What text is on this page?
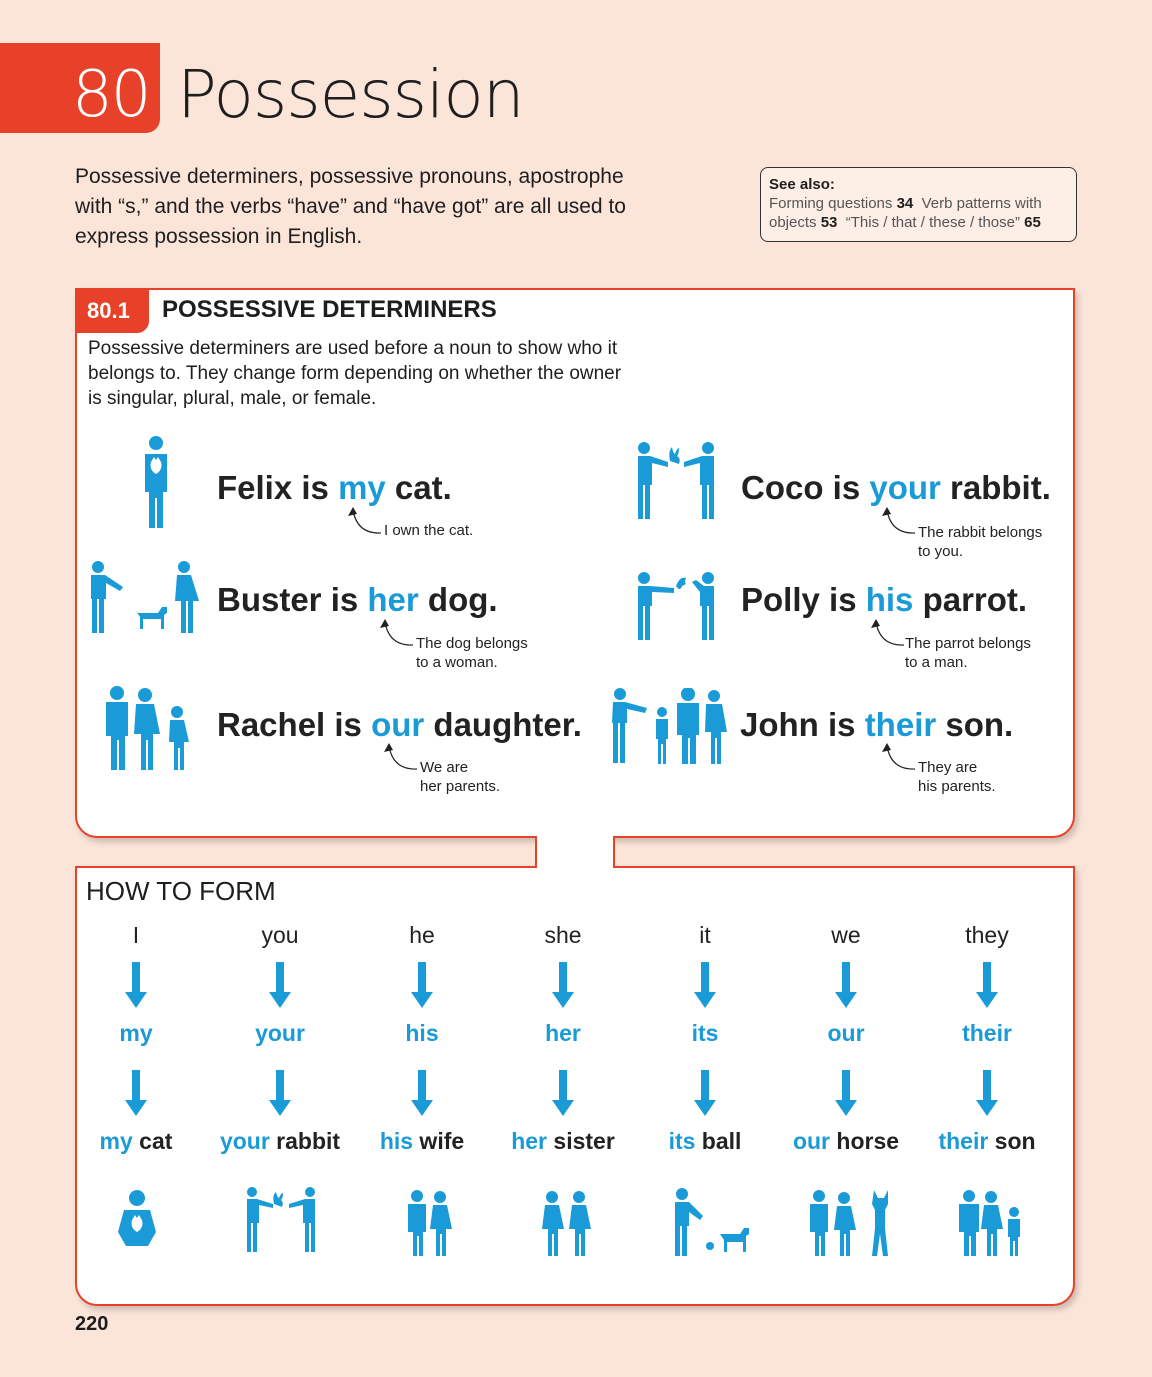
80 Possession

Possessive determiners, possessive pronouns, apostrophe with “s,” and the verbs “have” and “have got” are all used to express possession in English.

See also:
Forming questions 34 Verb patterns with objects 53 “This / that / these / those” 65
80.1	POSSESSIVE DETERMINERS

Possessive determiners are used before a noun to show who it belongs to. They change form depending on whether the owner is singular, plural, male, or female.

Felix is my cat.
I own the cat.
Coco is your rabbit.
The rabbit belongs
to you.
Buster is her dog.
The dog belongs
to a woman.
Polly is his parrot.
The parrot belongs
to a man.
Rachel is our daughter.
We are
her parents.
John is their son.
They are
his parents.
HOW TO FORM
I
my
my cat
you
your
your rabbit
he
his
his wife
she
her
her sister
it
its
its ball
we
our
our horse
they
their
their son
220
